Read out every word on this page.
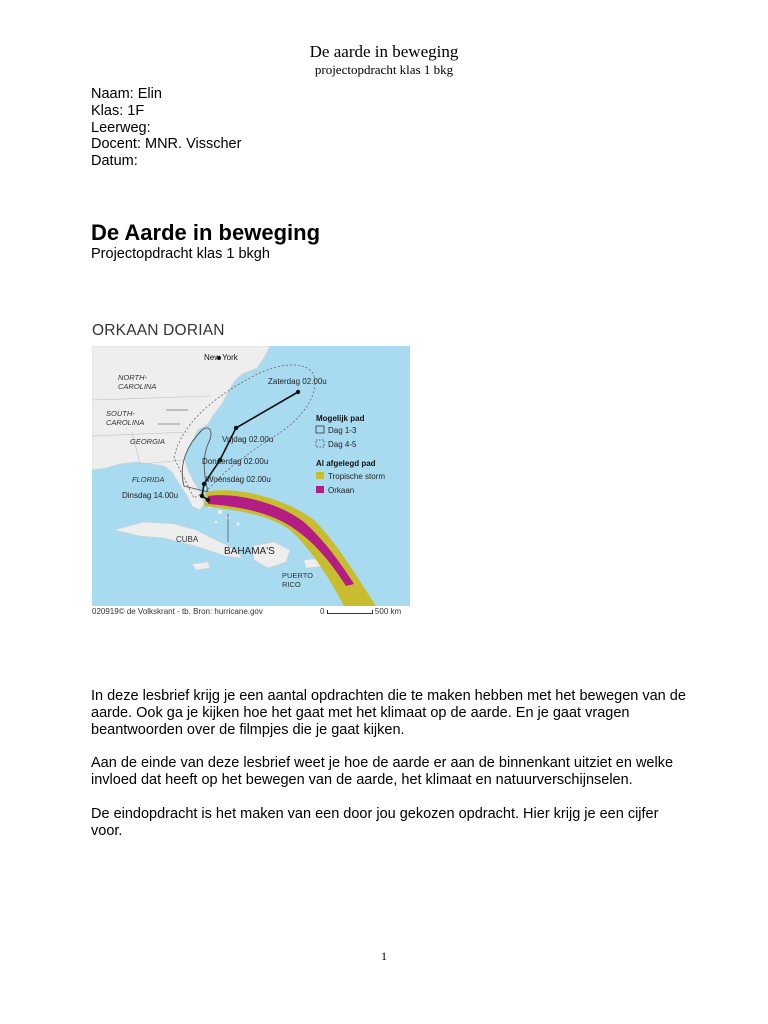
De aarde in beweging
projectopdracht klas 1 bkg
Naam: Elin
Klas: 1F
Leerweg:
Docent: MNR. Visscher
Datum:
De Aarde in beweging
Projectopdracht klas 1 bkgh
ORKAAN DORIAN
New York
NORTH-CAROLINA
SOUTH-CAROLINA
GEORGIA
FLORIDA
CUBA
BAHAMA'S
PUERTO RICO
Zaterdag 02.00u
Vrijdag 02.00u
Donderdag 02.00u
Woensdag 02.00u
Dinsdag 14.00u
Mogelijk pad
Dag 1-3
Dag 4-5
Al afgelegd pad
Tropische storm
Orkaan
020919© de Volkskrant - tb. Bron: hurricane.gov	0	500 km

In deze lesbrief krijg je een aantal opdrachten die te maken hebben met het bewegen van de aarde. Ook ga je kijken hoe het gaat met het klimaat op de aarde. En je gaat vragen beantwoorden over de filmpjes die je gaat kijken.

Aan de einde van deze lesbrief weet je hoe de aarde er aan de binnenkant uitziet en welke invloed dat heeft op het bewegen van de aarde, het klimaat en natuurverschijnselen.

De eindopdracht is het maken van een door jou gekozen opdracht. Hier krijg je een cijfer voor.

1
